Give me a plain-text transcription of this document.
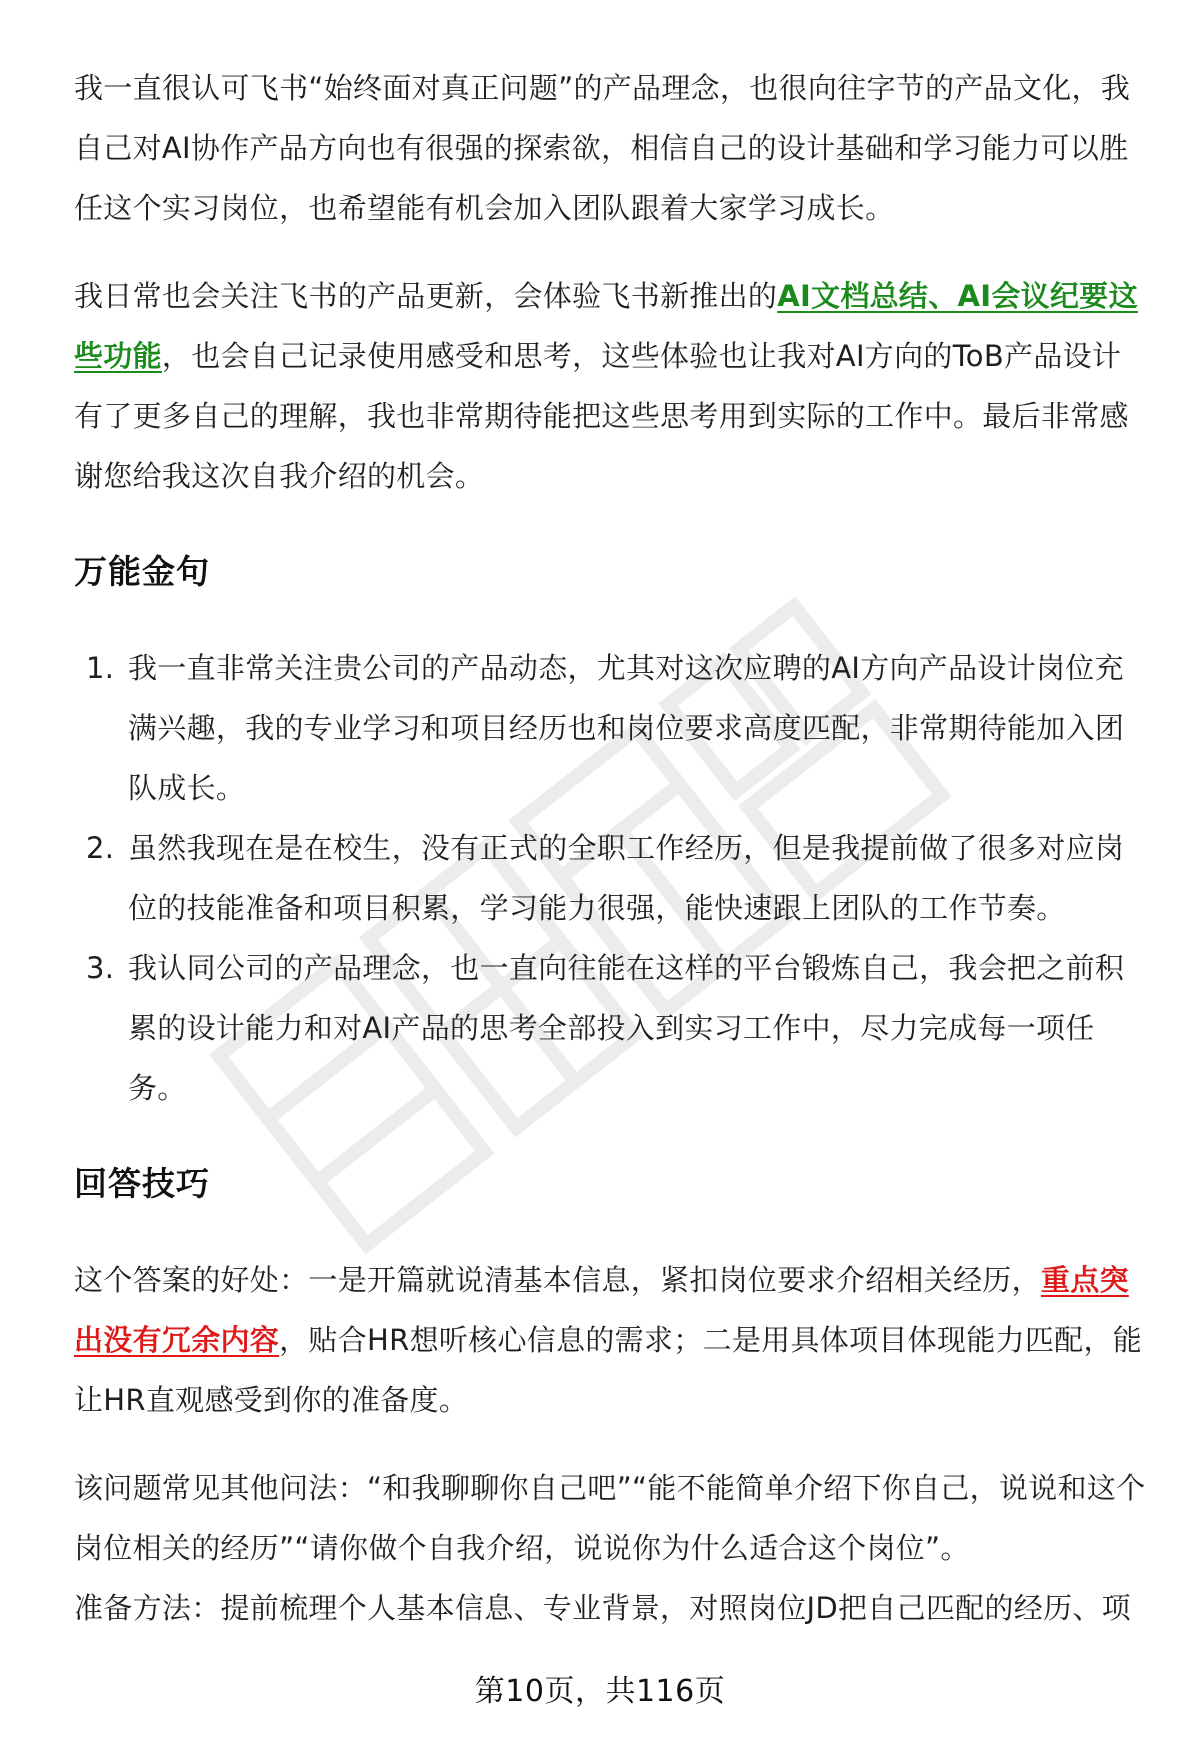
我一直很认可飞书“始终面对真正问题”的产品理念，也很向往字节的产品文化，我自己对AI协作产品方向也有很强的探索欲，相信自己的设计基础和学习能力可以胜任这个实习岗位，也希望能有机会加入团队跟着大家学习成长。

我日常也会关注飞书的产品更新，会体验飞书新推出的AI文档总结、AI会议纪要这些功能，也会自己记录使用感受和思考，这些体验也让我对AI方向的ToB产品设计有了更多自己的理解，我也非常期待能把这些思考用到实际的工作中。最后非常感谢您给我这次自我介绍的机会。

万能金句
1. 我一直非常关注贵公司的产品动态，尤其对这次应聘的AI方向产品设计岗位充满兴趣，我的专业学习和项目经历也和岗位要求高度匹配，非常期待能加入团队成长。
2. 虽然我现在是在校生，没有正式的全职工作经历，但是我提前做了很多对应岗位的技能准备和项目积累，学习能力很强，能快速跟上团队的工作节奏。
3. 我认同公司的产品理念，也一直向往能在这样的平台锻炼自己，我会把之前积累的设计能力和对AI产品的思考全部投入到实习工作中，尽力完成每一项任务。
回答技巧

这个答案的好处：一是开篇就说清基本信息，紧扣岗位要求介绍相关经历，重点突出没有冗余内容，贴合HR想听核心信息的需求；二是用具体项目体现能力匹配，能让HR直观感受到你的准备度。

该问题常见其他问法：“和我聊聊你自己吧”“能不能简单介绍下你自己，说说和这个岗位相关的经历”“请你做个自我介绍，说说你为什么适合这个岗位”。

准备方法：提前梳理个人基本信息、专业背景，对照岗位JD把自己匹配的经历、项

第10页，共116页
